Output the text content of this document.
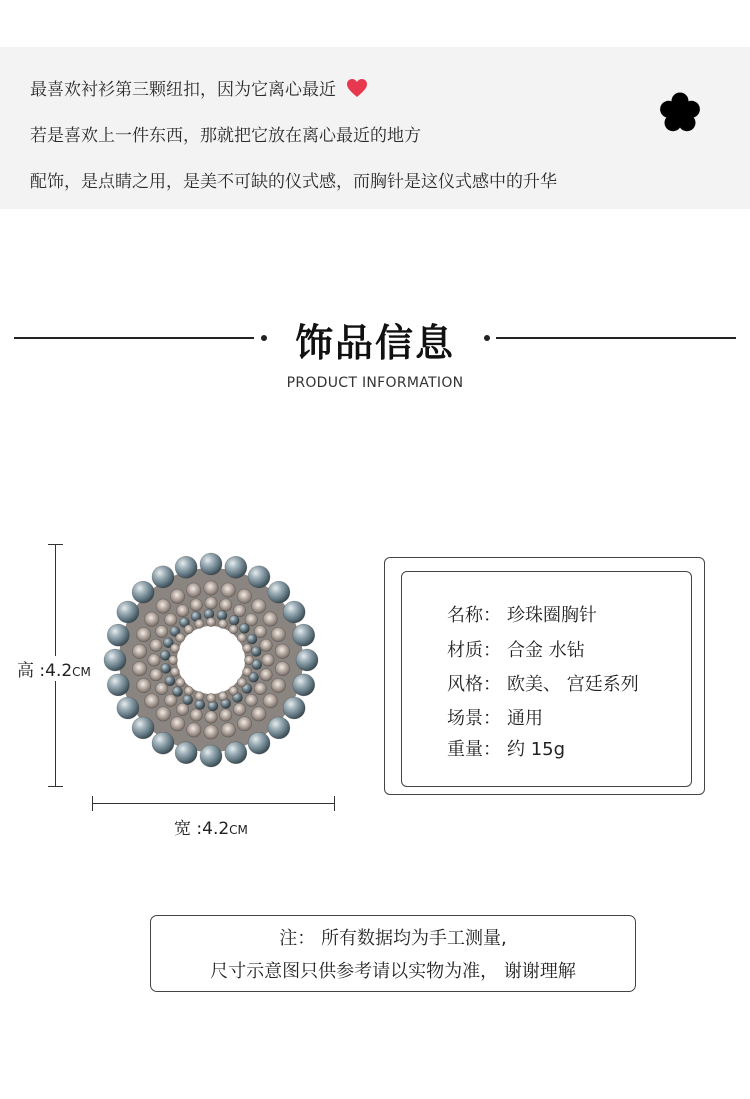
最喜欢衬衫第三颗纽扣，因为它离心最近
若是喜欢上一件东西，那就把它放在离心最近的地方
配饰，是点睛之用，是美不可缺的仪式感，而胸针是这仪式感中的升华
饰品信息
PRODUCT INFORMATION
高 :4.2CM
宽 :4.2CM
名称： 珍珠圈胸针
材质： 合金 水钻
风格： 欧美、 宫廷系列
场景： 通用
重量： 约 15g
注： 所有数据均为手工测量,
尺寸示意图只供参考请以实物为准， 谢谢理解
